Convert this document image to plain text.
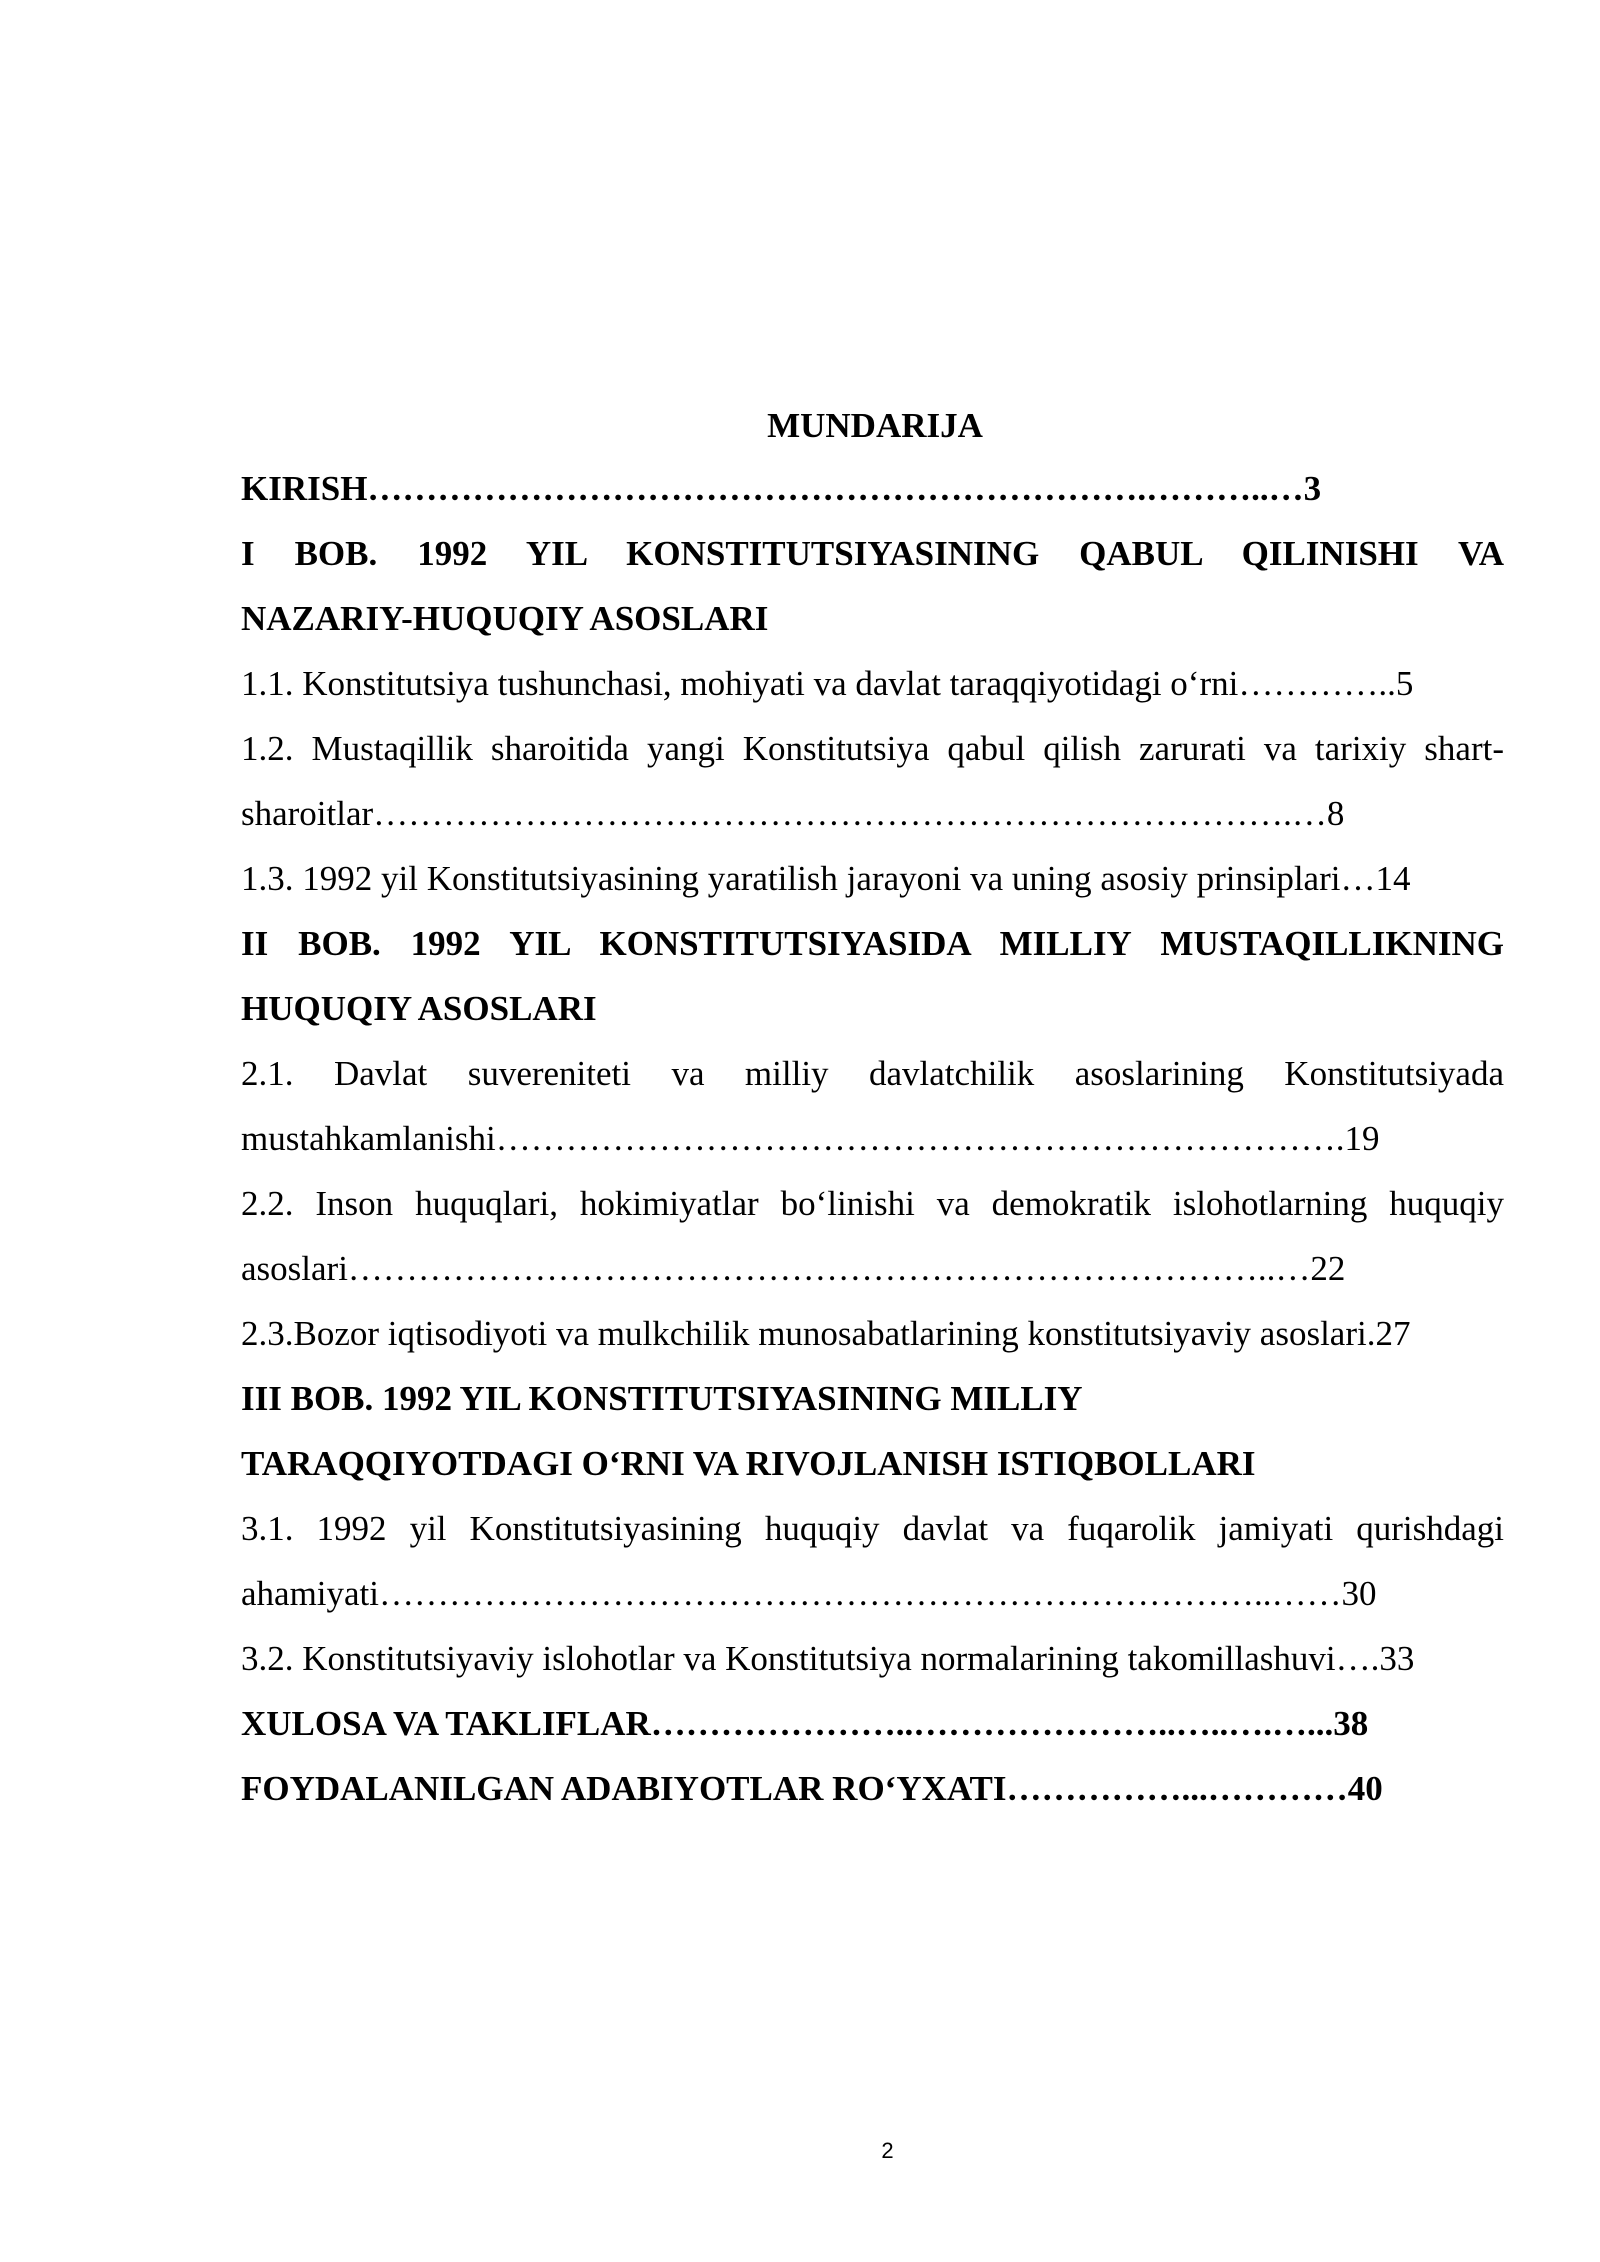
MUNDARIJA
KIRISH………………………………………………………….………..…3
I BOB. 1992 YIL KONSTITUTSIYASINING QABUL QILINISHI VA
NAZARIY-HUQUQIY ASOSLARI
1.1. Konstitutsiya tushunchasi, mohiyati va davlat taraqqiyotidagi o‘rni…………..5
1.2. Mustaqillik sharoitida yangi Konstitutsiya qabul qilish zarurati va tarixiy shart-
sharoitlar…………………………………………………………………….…8
1.3. 1992 yil Konstitutsiyasining yaratilish jarayoni va uning asosiy prinsiplari…14
II BOB. 1992 YIL KONSTITUTSIYASIDA MILLIY MUSTAQILLIKNING
HUQUQIY ASOSLARI
2.1. Davlat suvereniteti va milliy davlatchilik asoslarining Konstitutsiyada
mustahkamlanishi……………………………………………………………….19
2.2. Inson huquqlari, hokimiyatlar bo‘linishi va demokratik islohotlarning huquqiy
asoslari……………………………………………………………………..…22
2.3.Bozor iqtisodiyoti va mulkchilik munosabatlarining konstitutsiyaviy asoslari.27
III BOB. 1992 YIL KONSTITUTSIYASINING MILLIY
TARAQQIYOTDAGI O‘RNI VA RIVOJLANISH ISTIQBOLLARI
3.1. 1992 yil Konstitutsiyasining huquqiy davlat va fuqarolik jamiyati qurishdagi
ahamiyati…………………………………………………………………..……30
3.2. Konstitutsiyaviy islohotlar va Konstitutsiya normalarining takomillashuvi….33
XULOSA VA TAKLIFLAR…………………..…………………..…..….…...38
FOYDALANILGAN ADABIYOTLAR RO‘YXATI……………...…………40
2
